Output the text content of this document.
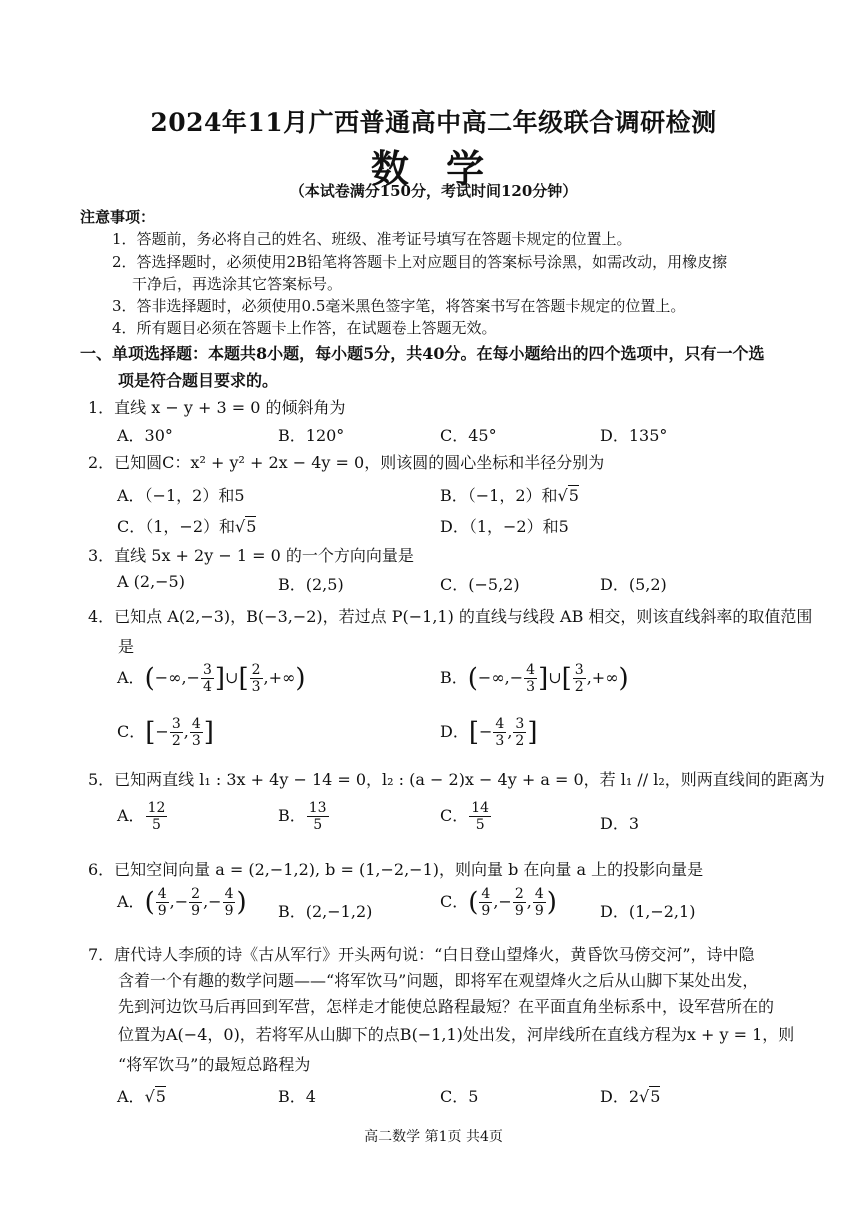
2024年11月广西普通高中高二年级联合调研检测
数 学
（本试卷满分150分，考试时间120分钟）
注意事项：
1．答题前，务必将自己的姓名、班级、准考证号填写在答题卡规定的位置上。
2．答选择题时，必须使用2B铅笔将答题卡上对应题目的答案标号涂黑，如需改动，用橡皮擦
干净后，再选涂其它答案标号。
3．答非选择题时，必须使用0.5毫米黑色签字笔，将答案书写在答题卡规定的位置上。
4．所有题目必须在答题卡上作答，在试题卷上答题无效。
一、单项选择题：本题共8小题，每小题5分，共40分。在每小题给出的四个选项中，只有一个选
项是符合题目要求的。
1．直线 x − y + 3 = 0 的倾斜角为
A．30°	B．120°	C．45°	D．135°
2．已知圆C：x² + y² + 2x − 4y = 0，则该圆的圆心坐标和半径分别为
A．（−1，2）和5	B．（−1，2）和√5
C．（1，−2）和√5	D．（1，−2）和5
3．直线 5x + 2y − 1 = 0 的一个方向向量是
A (2,−5)	B．(2,5)	C．(−5,2)	D．(5,2)
4．已知点 A(2,−3)，B(−3,−2)，若过点 P(−1,1) 的直线与线段 AB 相交，则该直线斜率的取值范围
是
A．(−∞,− $\frac{3}{4}$ ]∪[ $\frac{2}{3}$ ,+∞)	B．(−∞,− $\frac{4}{3}$ ]∪[ $\frac{3}{2}$ ,+∞)
C．[− $\frac{3}{2}$ , $\frac{4}{3}$ ]	D．[− $\frac{4}{3}$ , $\frac{3}{2}$ ]
5．已知两直线 l₁ : 3x + 4y − 14 = 0，l₂ : (a − 2)x − 4y + a = 0，若 l₁ // l₂，则两直线间的距离为
A． $\frac{12}{5}$	B． $\frac{13}{5}$	C． $\frac{14}{5}$	D．3
6．已知空间向量 a = (2,−1,2), b = (1,−2,−1)，则向量 b 在向量 a 上的投影向量是
A．( $\frac{4}{9}$ ,− $\frac{2}{9}$ ,− $\frac{4}{9}$ ) B．(2,−1,2)
C．( $\frac{4}{9}$ ,− $\frac{2}{9}$ , $\frac{4}{9}$ )	D．(1,−2,1)
7．唐代诗人李颀的诗《古从军行》开头两句说：“白日登山望烽火，黄昏饮马傍交河”，诗中隐
含着一个有趣的数学问题——“将军饮马”问题，即将军在观望烽火之后从山脚下某处出发，
先到河边饮马后再回到军营，怎样走才能使总路程最短？在平面直角坐标系中，设军营所在的
位置为A(−4，0)，若将军从山脚下的点B(−1,1)处出发，河岸线所在直线方程为x + y = 1，则
“将军饮马”的最短总路程为
A．√5	B．4	C．5	D．2√5
高二数学 第1页 共4页
